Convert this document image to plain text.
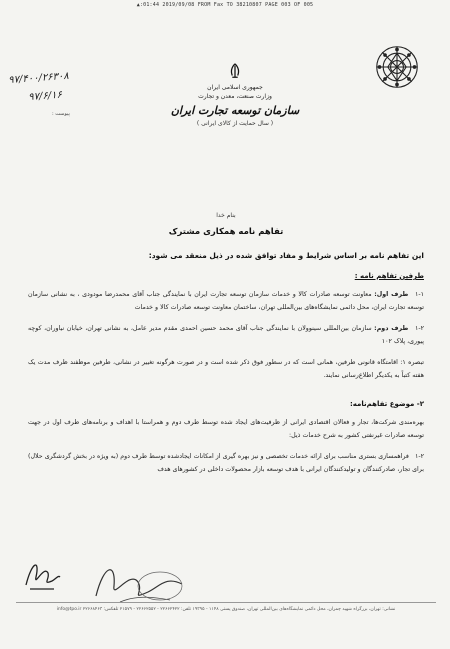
▲:01:44 2019/09/08 FROM Fax TO 38210807 PAGE 003 OF 005
۹۷/۴۰۰/۲۶۳۰۸
۹۷/۶/۱۶
پیوست :
جمهوری اسلامی ایران
وزارت صنعت، معدن و تجارت
سازمان توسعه تجارت ایران
( سال حمایت از کالای ایرانی )
بنام خدا
تفاهم نامه همکاری مشترک
این تفاهم نامه بر اساس شرایط و مفاد توافق شده در ذیل منعقد می شود:
طرفین تفاهم نامه :
۱-۱ طرف اول: معاونت توسعه صادرات کالا و خدمات سازمان توسعه تجارت ایران با نمایندگی جناب آقای محمدرضا مودودی ، به نشانی سازمان توسعه تجارت ایران، محل دائمی نمایشگاه‌های بین‌المللی تهران، ساختمان معاونت توسعه صادرات کالا و خدمات
۱-۲ طرف دوم: سازمان بین‌المللی سینوولان با نمایندگی جناب آقای محمد حسین احمدی مقدم مدیر عامل، به نشانی تهران، خیابان نیاوران، کوچه پیوری، پلاک ۱۰۲
تبصره ۱: اقامتگاه قانونی طرفین، همانی است که در سطور فوق ذکر شده است و در صورت هرگونه تغییر در نشانی، طرفین موظفند ظرف مدت یک هفته کتباً به یکدیگر اطلاع‌رسانی نمایند.
۲- موضوع تفاهم‌نامه:
بهره‌مندی شرکت‌ها، تجار و فعالان اقتصادی ایرانی از ظرفیت‌های ایجاد شده توسط طرف دوم و همراستا با اهداف و برنامه‌های طرف اول در جهت توسعه صادرات غیرنفتی کشور به شرح خدمات ذیل:
۱-۲ فراهمسازی بستری مناسب برای ارائه خدمات تخصصی و نیز بهره گیری از امکانات ایجادشده توسط طرف دوم (به ویژه در بخش گردشگری حلال) برای تجار، صادرکنندگان و تولیدکنندگان ایرانی با هدف توسعه بازار محصولات داخلی در کشورهای هدف
نشانی: تهران، بزرگراه شهید چمران، محل دائمی نمایشگاه‌های بین‌المللی تهران، صندوق پستی ۱۱۴۸ - ۱۹۳۹۵ تلفن: ۲۲۶۶۲۴۲۲ - ۲۲۶۶۲۵۵۲ - ۲۱۵۷۹ تلفکس: ۲۲۶۶۸۴۶۳ info@tpo.ir
